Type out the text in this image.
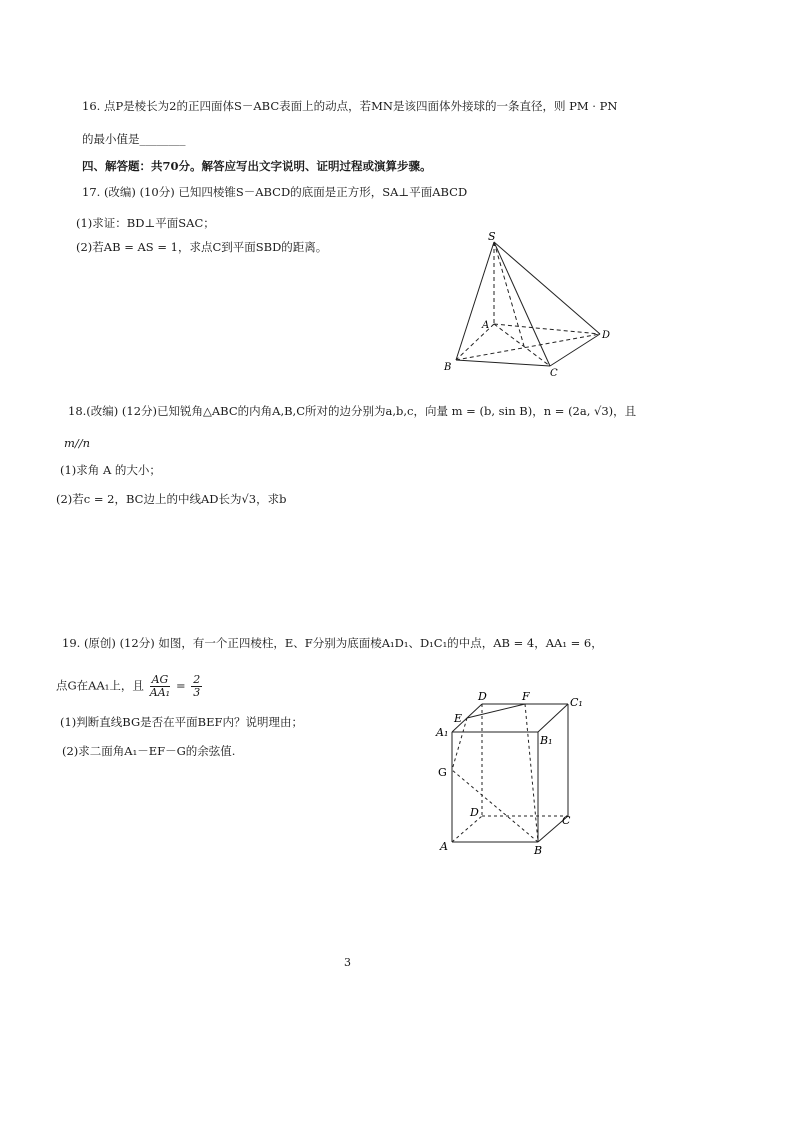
16. 点P是棱长为2的正四面体S－ABC表面上的动点，若MN是该四面体外接球的一条直径，则 PM · PN
的最小值是________
四、解答题：共70分。解答应写出文字说明、证明过程或演算步骤。
17. (改编) (10分) 已知四棱锥S－ABCD的底面是正方形，SA⊥平面ABCD
(1)求证：BD⊥平面SAC；
(2)若AB = AS = 1，求点C到平面SBD的距离。
S
A
B
C
D
18.(改编) (12分)已知锐角△ABC的内角A,B,C所对的边分别为a,b,c，向量 m = (b, sin B)，n = (2a, √3)，且
m//n
(1)求角 A 的大小；
(2)若c = 2，BC边上的中线AD长为√3，求b
19. (原创) (12分) 如图，有一个正四棱柱，E、F分别为底面棱A₁D₁、D₁C₁的中点，AB = 4，AA₁ = 6，
点G在AA₁上，且 $\frac{AG}{\text{AA₁}} = \frac{2}{3}$
(1)判断直线BG是否在平面BEF内？说明理由；
(2)求二面角A₁－EF－G的余弦值.
D	F	C₁
E
A₁
B₁
G
D
C
A	B
3
